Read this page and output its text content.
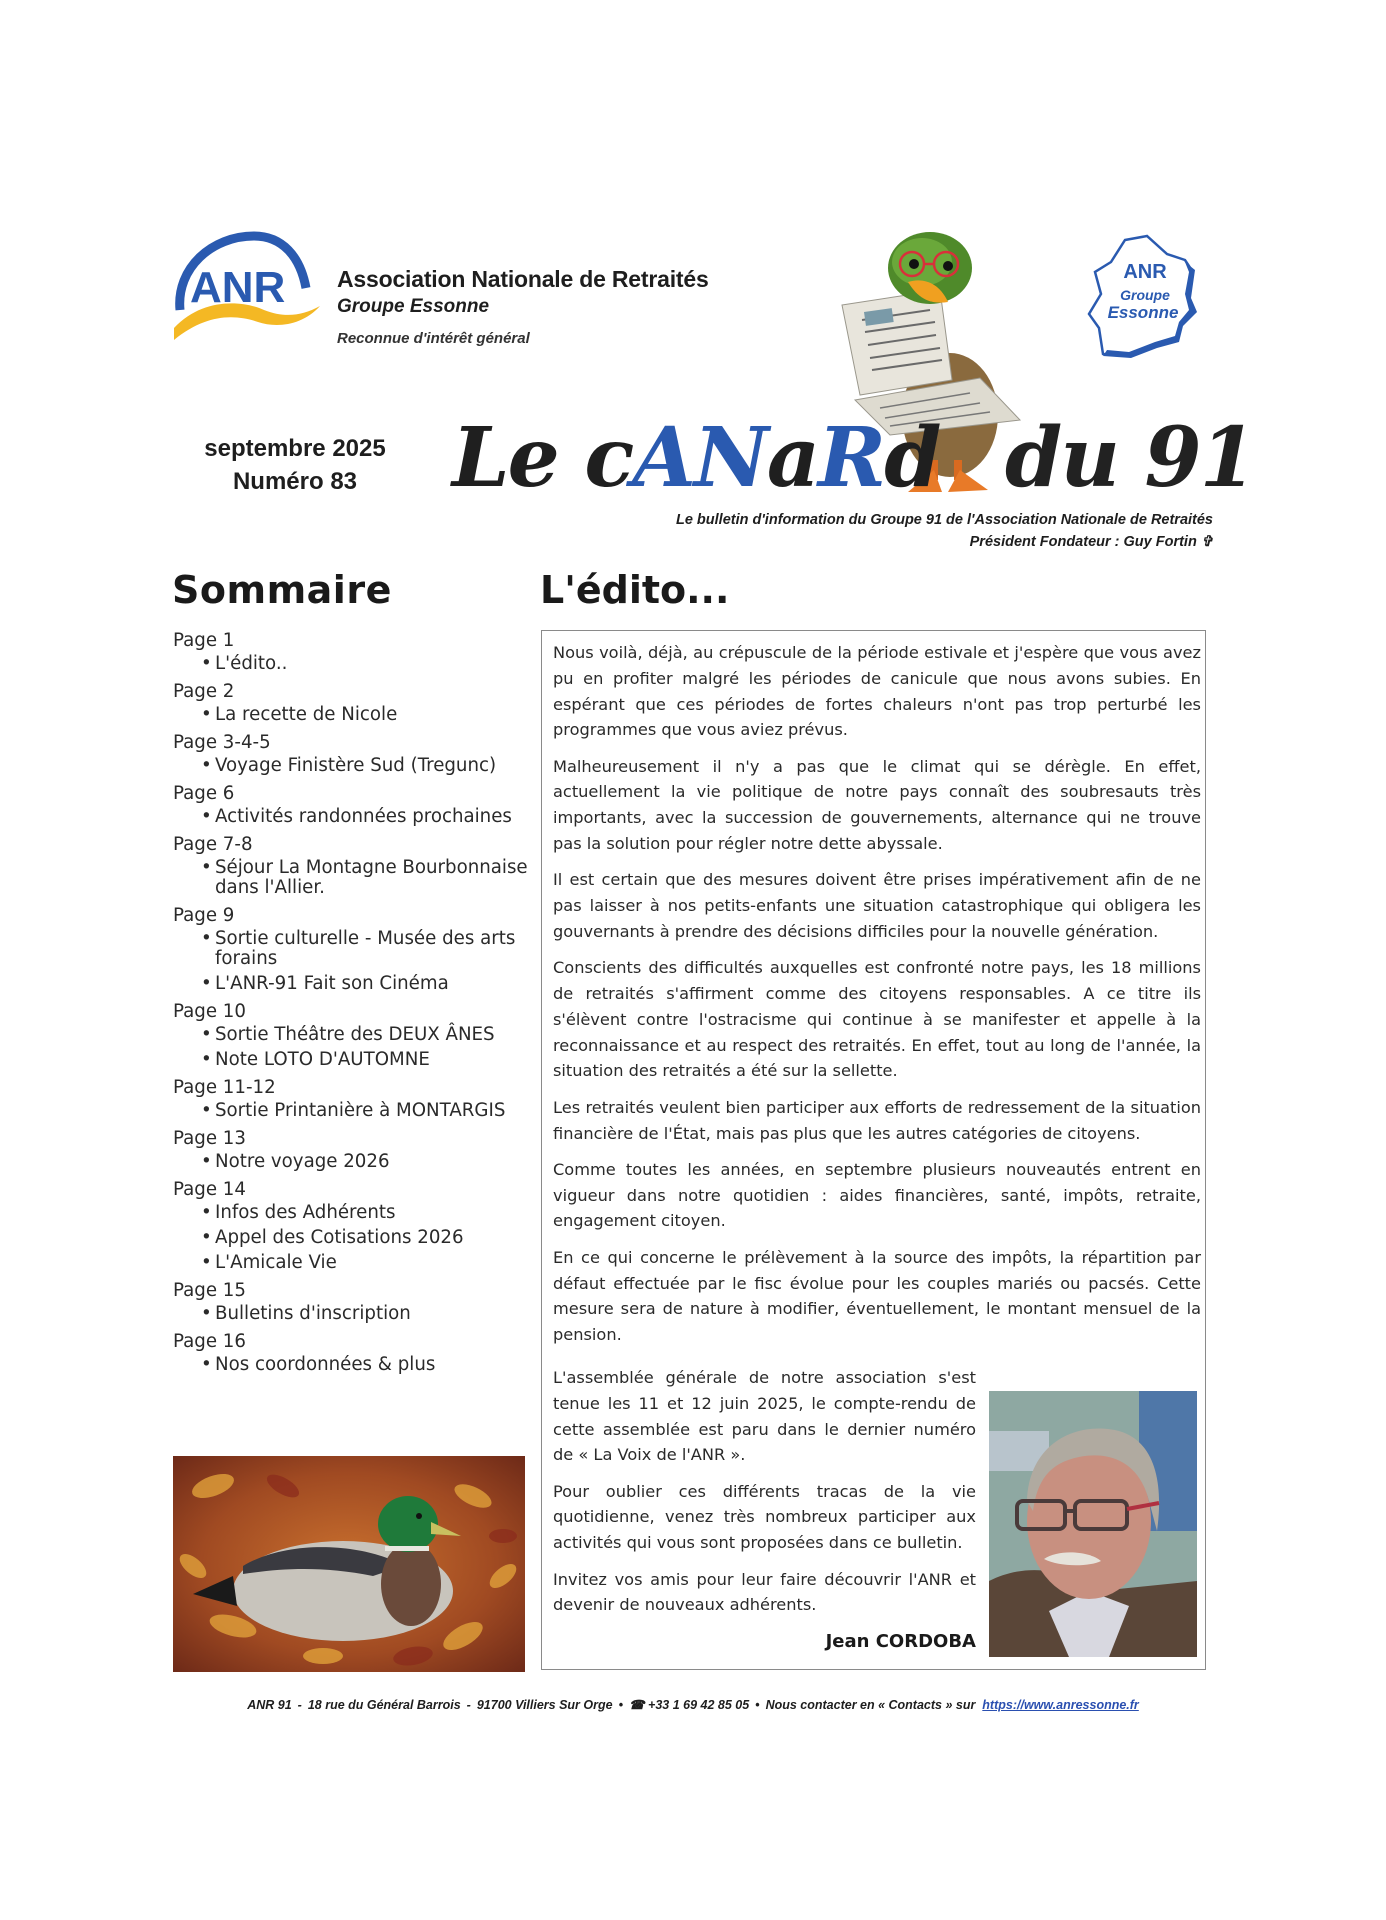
ANR Association Nationale de Retraités
Groupe Essonne
Reconnue d'intérêt général
ANR
Groupe
Essonne
septembre 2025
Numéro 83	Le cANaRd du 91
Le bulletin d'information du Groupe 91 de l'Association Nationale de Retraités
Président Fondateur : Guy Fortin ✞
Sommaire
Page 1
• L'édito..
Page 2
• La recette de Nicole
Page 3-4-5
• Voyage Finistère Sud (Tregunc)
Page 6
• Activités randonnées prochaines
Page 7-8
• Séjour La Montagne Bourbonnaise dans l'Allier.
Page 9
• Sortie culturelle - Musée des arts forains
• L'ANR-91 Fait son Cinéma
Page 10
• Sortie Théâtre des DEUX ÂNES
• Note LOTO D'AUTOMNE
Page 11-12
• Sortie Printanière à MONTARGIS
Page 13
• Notre voyage 2026
Page 14
• Infos des Adhérents
• Appel des Cotisations 2026
• L'Amicale Vie
Page 15
• Bulletins d'inscription
Page 16
• Nos coordonnées & plus
L'édito...

Nous voilà, déjà, au crépuscule de la période estivale et j'espère que vous avez pu en profiter malgré les périodes de canicule que nous avons subies. En espérant que ces périodes de fortes chaleurs n'ont pas trop perturbé les programmes que vous aviez prévus.

Malheureusement il n'y a pas que le climat qui se dérègle. En effet, actuellement la vie politique de notre pays connaît des soubresauts très importants, avec la succession de gouvernements, alternance qui ne trouve pas la solution pour régler notre dette abyssale.

Il est certain que des mesures doivent être prises impérativement afin de ne pas laisser à nos petits-enfants une situation catastrophique qui obligera les gouvernants à prendre des décisions difficiles pour la nouvelle génération.

Conscients des difficultés auxquelles est confronté notre pays, les 18 millions de retraités s'affirment comme des citoyens responsables. A ce titre ils s'élèvent contre l'ostracisme qui continue à se manifester et appelle à la reconnaissance et au respect des retraités. En effet, tout au long de l'année, la situation des retraités a été sur la sellette.

Les retraités veulent bien participer aux efforts de redressement de la situation financière de l'État, mais pas plus que les autres catégories de citoyens.

Comme toutes les années, en septembre plusieurs nouveautés entrent en vigueur dans notre quotidien : aides financières, santé, impôts, retraite, engagement citoyen.

En ce qui concerne le prélèvement à la source des impôts, la répartition par défaut effectuée par le fisc évolue pour les couples mariés ou pacsés. Cette mesure sera de nature à modifier, éventuellement, le montant mensuel de la pension.

L'assemblée générale de notre association s'est tenue les 11 et 12 juin 2025, le compte-rendu de cette assemblée est paru dans le dernier numéro de « La Voix de l'ANR ».

Pour oublier ces différents tracas de la vie quotidienne, venez très nombreux participer aux activités qui vous sont proposées dans ce bulletin.

Invitez vos amis pour leur faire découvrir l'ANR et devenir de nouveaux adhérents.

Jean CORDOBA
ANR 91 - 18 rue du Général Barrois - 91700 Villiers Sur Orge • ☎ +33 1 69 42 85 05 • Nous contacter en « Contacts » sur https://www.anressonne.fr
